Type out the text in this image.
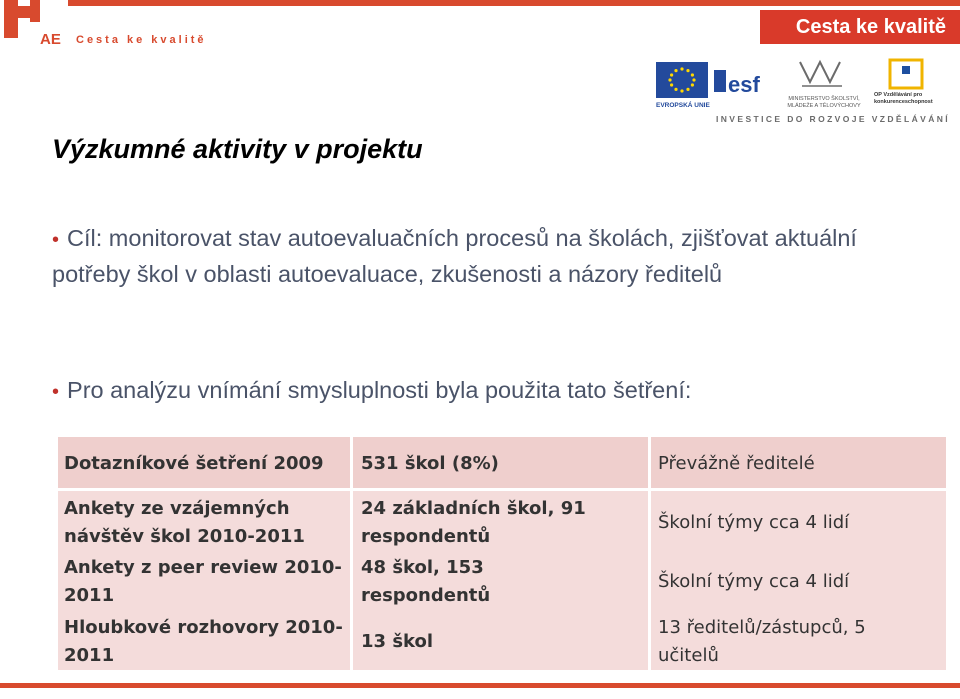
AE Cesta ke kvalitě
Cesta ke kvalitě
EVROPSKÁ UNIE
esf
MINISTERSTVO ŠKOLSTVÍ, MLÁDEŽE A TĚLOVÝCHOVY
OP Vzdělávání pro konkurenceschopnost
INVESTICE DO ROZVOJE VZDĚLÁVÁNÍ
Výzkumné aktivity v projektu
• Cíl: monitorovat stav autoevaluačních procesů na školách, zjišťovat aktuální potřeby škol v oblasti autoevaluace, zkušenosti a názory ředitelů
• Pro analýzu vnímání smysluplnosti byla použita tato šetření:
Dotazníkové šetření 2009	531 škol (8%)	Převážně ředitelé
Ankety ze vzájemných návštěv škol 2010-2011
24 základních škol, 91 respondentů
Školní týmy cca 4 lidí
Ankety z peer review 2010-2011
48 škol, 153 respondentů
Školní týmy cca 4 lidí
Hloubkové rozhovory 2010-2011
13 škol
13 ředitelů/zástupců, 5 učitelů
